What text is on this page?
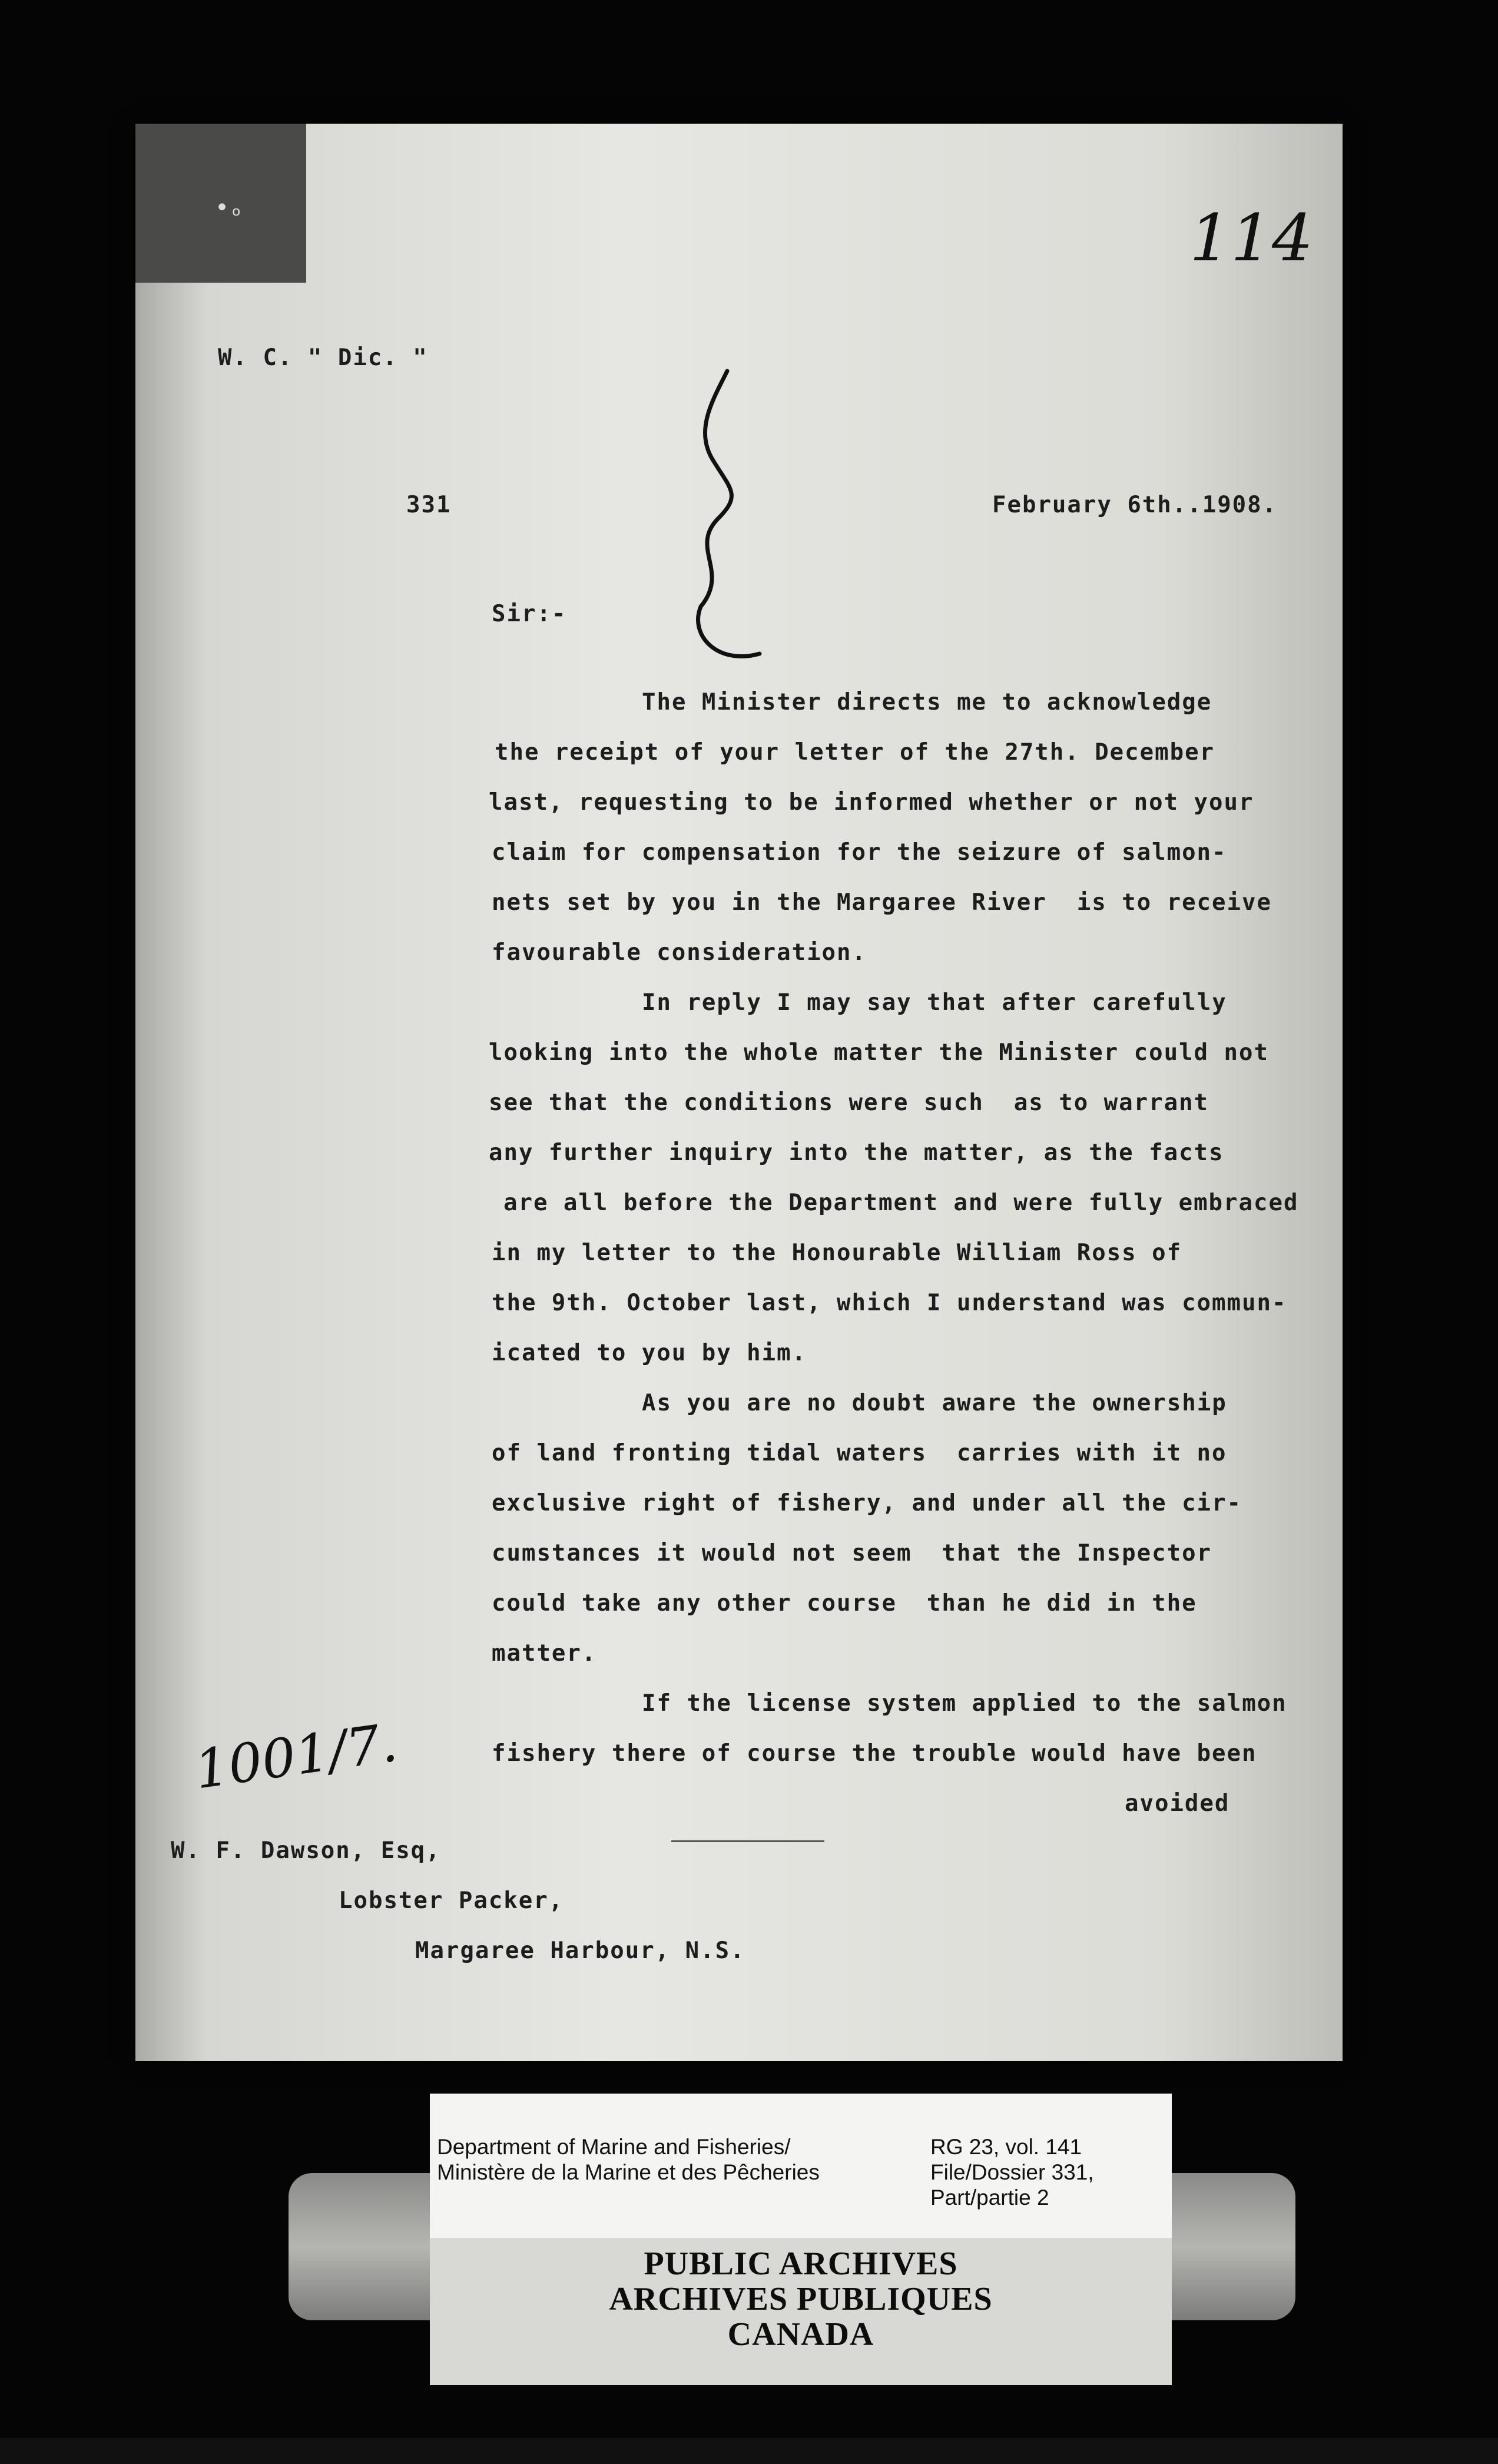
•ₒ	114
W. C. " Dic. "
331	February 6th..1908.
Sir:-
The Minister directs me to acknowledge
the receipt of your letter of the 27th. December
last, requesting to be informed whether or not your
claim for compensation for the seizure of salmon-
nets set by you in the Margaree River  is to receive
favourable consideration.
In reply I may say that after carefully
looking into the whole matter the Minister could not
see that the conditions were such  as to warrant
any further inquiry into the matter, as the facts
are all before the Department and were fully embraced
in my letter to the Honourable William Ross of
the 9th. October last, which I understand was commun-
icated to you by him.
As you are no doubt aware the ownership
of land fronting tidal waters  carries with it no
exclusive right of fishery, and under all the cir-
cumstances it would not seem  that the Inspector
could take any other course  than he did in the
matter.
If the license system applied to the salmon
fishery there of course the trouble would have been
avoided
1001/7.
W. F. Dawson, Esq,
Lobster Packer,
Margaree Harbour, N.S.
Department of Marine and Fisheries/
Ministère de la Marine et des Pêcheries
RG 23, vol. 141
File/Dossier 331,
Part/partie 2
PUBLIC ARCHIVES
ARCHIVES PUBLIQUES
CANADA
